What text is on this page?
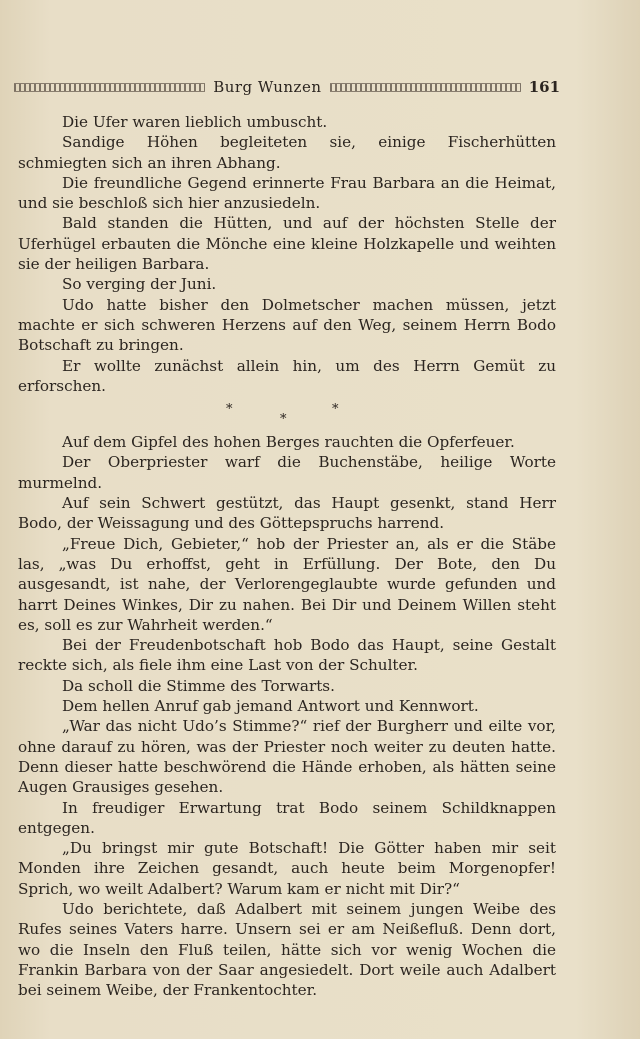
Burg Wunzen	161

Die Ufer waren lieblich umbuscht.

Sandige Höhen begleiteten sie, einige Fischerhütten schmiegten sich an ihren Abhang.

Die freundliche Gegend erinnerte Frau Barbara an die Heimat, und sie beschloß sich hier anzusiedeln.

Bald standen die Hütten, und auf der höchsten Stelle der Uferhügel erbauten die Mönche eine kleine Holzkapelle und weihten sie der heiligen Barbara.

So verging der Juni.

Udo hatte bisher den Dolmetscher machen müssen, jetzt machte er sich schweren Herzens auf den Weg, seinem Herrn Bodo Botschaft zu bringen.

Er wollte zunächst allein hin, um des Herrn Gemüt zu erforschen.

*
*
*

Auf dem Gipfel des hohen Berges rauchten die Opferfeuer.

Der Oberpriester warf die Buchenstäbe, heilige Worte murmelnd.

Auf sein Schwert gestützt, das Haupt gesenkt, stand Herr Bodo, der Weissagung und des Göttерspruchs harrend.

„Freue Dich, Gebieter,“ hob der Priester an, als er die Stäbe las, „was Du erhoffst, geht in Erfüllung. Der Bote, den Du ausgesandt, ist nahe, der Verlorengeglaubte wurde gefunden und harrt Deines Winkes, Dir zu nahen. Bei Dir und Deinem Willen steht es, soll es zur Wahrheit werden.“

Bei der Freudenbotschaft hob Bodo das Haupt, seine Gestalt reckte sich, als fiele ihm eine Last von der Schulter.

Da scholl die Stimme des Torwarts.

Dem hellen Anruf gab jemand Antwort und Kennwort.

„War das nicht Udo’s Stimme?“ rief der Burgherr und eilte vor, ohne darauf zu hören, was der Priester noch weiter zu deuten hatte. Denn dieser hatte beschwörend die Hände erhoben, als hätten seine Augen Grausiges gesehen.

In freudiger Erwartung trat Bodo seinem Schildknappen entgegen.

„Du bringst mir gute Botschaft! Die Götter haben mir seit Monden ihre Zeichen gesandt, auch heute beim Morgenopfer! Sprich, wo weilt Adalbert? Warum kam er nicht mit Dir?“

Udo berichtete, daß Adalbert mit seinem jungen Weibe des Rufes seines Vaters harre. Unsern sei er am Neißefluß. Denn dort, wo die Inseln den Fluß teilen, hätte sich vor wenig Wochen die Frankin Barbara von der Saar angesiedelt. Dort weile auch Adalbert bei seinem Weibe, der Frankentochter.
